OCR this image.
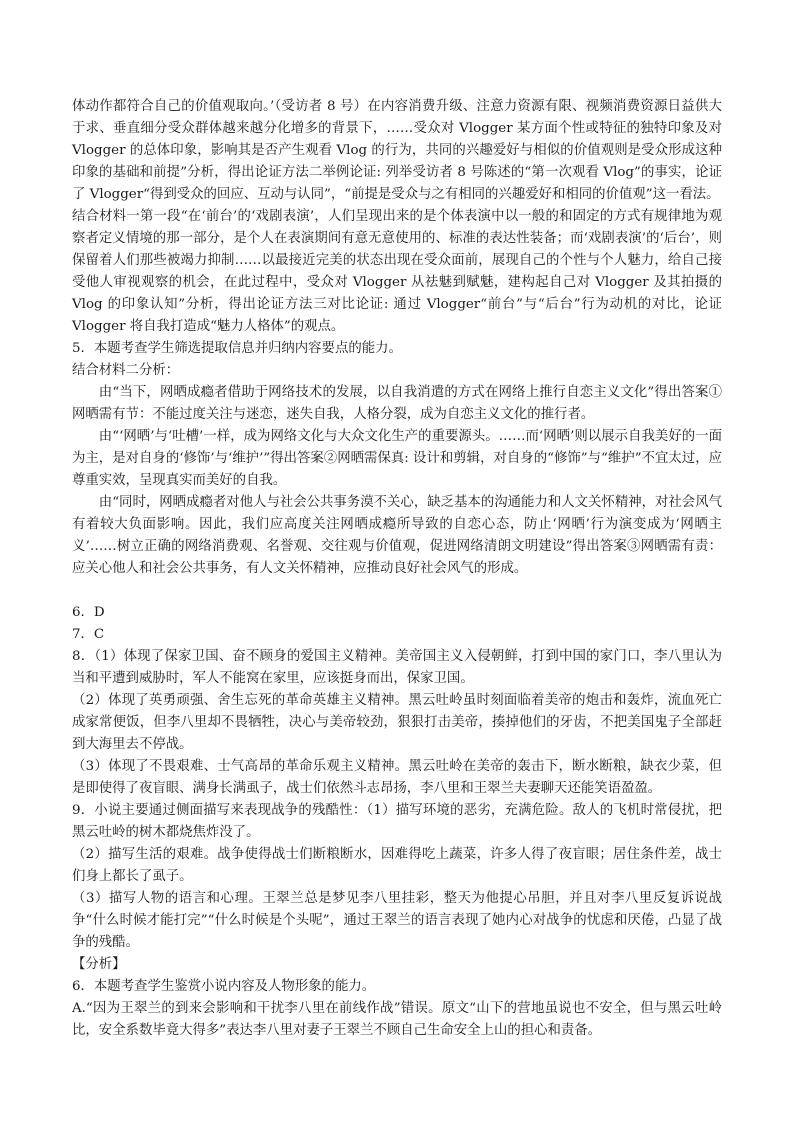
体动作都符合自己的价值观取向。’（受访者 8 号）在内容消费升级、注意力资源有限、视频消费资源日益供大于求、垂直细分受众群体越来越分化增多的背景下，……受众对 Vlogger 某方面个性或特征的独特印象及对 Vlogger 的总体印象，影响其是否产生观看 Vlog 的行为，共同的兴趣爱好与相似的价值观则是受众形成这种印象的基础和前提”分析，得出论证方法二举例论证: 列举受访者 8 号陈述的“第一次观看 Vlog”的事实，论证了 Vlogger“得到受众的回应、互动与认同”，“前提是受众与之有相同的兴趣爱好和相同的价值观”这一看法。

结合材料一第一段“在‘前台’的‘戏剧表演’，人们呈现出来的是个体表演中以一般的和固定的方式有规律地为观察者定义情境的那一部分，是个人在表演期间有意无意使用的、标准的表达性装备；而‘戏剧表演’的‘后台’，则保留着人们那些被竭力抑制……以最接近完美的状态出现在受众面前，展现自己的个性与个人魅力，给自己接受他人审视观察的机会，在此过程中，受众对 Vlogger 从祛魅到赋魅，建构起自己对 Vlogger 及其拍摄的 Vlog 的印象认知”分析，得出论证方法三对比论证: 通过 Vlogger“前台”与“后台”行为动机的对比，论证 Vlogger 将自我打造成“魅力人格体”的观点。

5．本题考查学生筛选提取信息并归纳内容要点的能力。

结合材料二分析：

由“当下，网晒成瘾者借助于网络技术的发展，以自我消遣的方式在网络上推行自恋主义文化”得出答案①网晒需有节：不能过度关注与迷恋，迷失自我，人格分裂，成为自恋主义文化的推行者。

由“‘网晒’与‘吐槽’一样，成为网络文化与大众文化生产的重要源头。……而‘网晒’则以展示自我美好的一面为主，是对自身的‘修饰’与‘维护’”得出答案②网晒需保真: 设计和剪辑，对自身的“修饰”与“维护”不宜太过，应尊重实效，呈现真实而美好的自我。

由“同时，网晒成瘾者对他人与社会公共事务漠不关心，缺乏基本的沟通能力和人文关怀精神，对社会风气有着较大负面影响。因此，我们应高度关注网晒成瘾所导致的自恋心态，防止‘网晒’行为演变成为‘网晒主义’……树立正确的网络消费观、名誉观、交往观与价值观，促进网络清朗文明建设”得出答案③网晒需有责：应关心他人和社会公共事务，有人文关怀精神，应推动良好社会风气的形成。

6．D

7．C

8．（1）体现了保家卫国、奋不顾身的爱国主义精神。美帝国主义入侵朝鲜，打到中国的家门口，李八里认为当和平遭到威胁时，军人不能窝在家里，应该挺身而出，保家卫国。

（2）体现了英勇顽强、舍生忘死的革命英雄主义精神。黑云吐岭虽时刻面临着美帝的炮击和轰炸，流血死亡成家常便饭，但李八里却不畏牺牲，决心与美帝较劲，狠狠打击美帝，揍掉他们的牙齿，不把美国鬼子全部赶到大海里去不停战。

（3）体现了不畏艰难、士气高昂的革命乐观主义精神。黑云吐岭在美帝的轰击下，断水断粮，缺衣少菜，但是即使得了夜盲眼、满身长满虱子，战士们依然斗志昂扬，李八里和王翠兰夫妻聊天还能笑语盈盈。

9．小说主要通过侧面描写来表现战争的残酷性：（1）描写环境的恶劣，充满危险。敌人的飞机时常侵扰，把黑云吐岭的树木都烧焦炸没了。

（2）描写生活的艰难。战争使得战士们断粮断水，因难得吃上蔬菜，许多人得了夜盲眼；居住条件差，战士们身上都长了虱子。

（3）描写人物的语言和心理。王翠兰总是梦见李八里挂彩，整天为他提心吊胆，并且对李八里反复诉说战争“什么时候才能打完”“什么时候是个头呢”，通过王翠兰的语言表现了她内心对战争的忧虑和厌倦，凸显了战争的残酷。

【分析】

6．本题考查学生鉴赏小说内容及人物形象的能力。

A.“因为王翠兰的到来会影响和干扰李八里在前线作战”错误。原文“山下的营地虽说也不安全，但与黑云吐岭比，安全系数毕竟大得多”表达李八里对妻子王翠兰不顾自己生命安全上山的担心和责备。
